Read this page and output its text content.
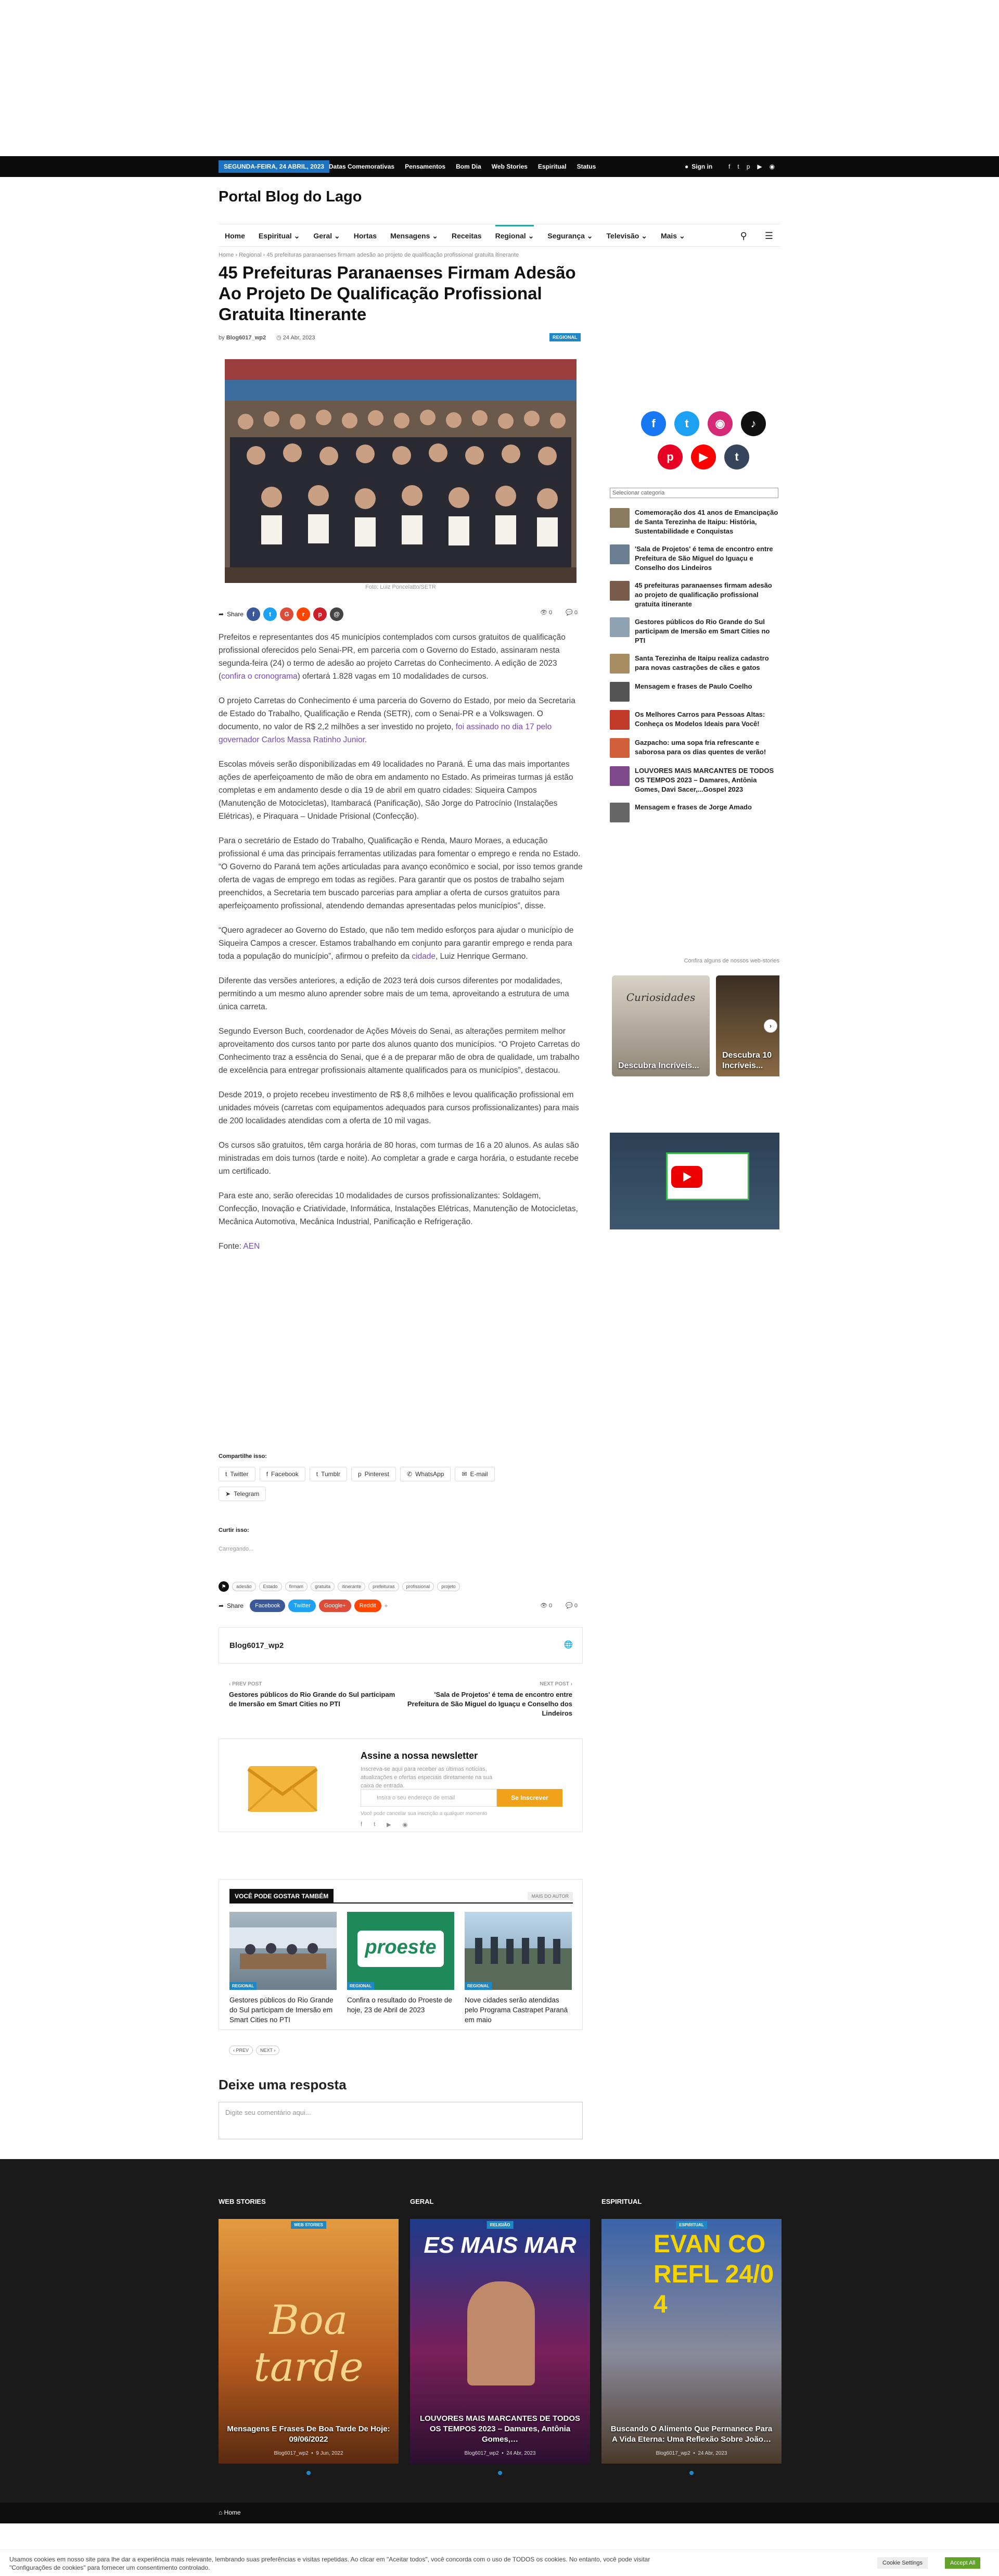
SEGUNDA-FEIRA, 24 ABRIL, 2023 Datas Comemorativas Pensamentos Bom Dia Web Stories Espiritual Status	● Sign in	f t p ▶ ◉
Portal Blog do Lago
Home Espiritual ⌄ Geral ⌄ Hortas Mensagens ⌄ Receitas Regional ⌄ Segurança ⌄ Televisão ⌄ Mais ⌄	⚲ ☰
Home › Regional › 45 prefeituras paranaenses firmam adesão ao projeto de qualificação profissional gratuita itinerante
45 Prefeituras Paranaenses Firmam Adesão Ao Projeto De Qualificação Profissional Gratuita Itinerante
by Blog6017_wp2 ◷ 24 Abr, 2023	REGIONAL
Foto: Luiz Poncelatto/SETR
➦ Share	f	t	G	r	p	@	👁 0 💬 0

Prefeitos e representantes dos 45 municípios contemplados com cursos gratuitos de qualificação profissional oferecidos pelo Senai-PR, em parceria com o Governo do Estado, assinaram nesta segunda-feira (24) o termo de adesão ao projeto Carretas do Conhecimento. A edição de 2023 (confira o cronograma) ofertará 1.828 vagas em 10 modalidades de cursos.

O projeto Carretas do Conhecimento é uma parceria do Governo do Estado, por meio da Secretaria de Estado do Trabalho, Qualificação e Renda (SETR), com o Senai-PR e a Volkswagen. O documento, no valor de R$ 2,2 milhões a ser investido no projeto, foi assinado no dia 17 pelo governador Carlos Massa Ratinho Junior.

Escolas móveis serão disponibilizadas em 49 localidades no Paraná. É uma das mais importantes ações de aperfeiçoamento de mão de obra em andamento no Estado. As primeiras turmas já estão completas e em andamento desde o dia 19 de abril em quatro cidades: Siqueira Campos (Manutenção de Motocicletas), Itambaracá (Panificação), São Jorge do Patrocínio (Instalações Elétricas), e Piraquara – Unidade Prisional (Confecção).

Para o secretário de Estado do Trabalho, Qualificação e Renda, Mauro Moraes, a educação profissional é uma das principais ferramentas utilizadas para fomentar o emprego e renda no Estado. “O Governo do Paraná tem ações articuladas para avanço econômico e social, por isso temos grande oferta de vagas de emprego em todas as regiões. Para garantir que os postos de trabalho sejam preenchidos, a Secretaria tem buscado parcerias para ampliar a oferta de cursos gratuitos para aperfeiçoamento profissional, atendendo demandas apresentadas pelos municípios”, disse.

“Quero agradecer ao Governo do Estado, que não tem medido esforços para ajudar o município de Siqueira Campos a crescer. Estamos trabalhando em conjunto para garantir emprego e renda para toda a população do município”, afirmou o prefeito da cidade, Luiz Henrique Germano.

Diferente das versões anteriores, a edição de 2023 terá dois cursos diferentes por modalidades, permitindo a um mesmo aluno aprender sobre mais de um tema, aproveitando a estrutura de uma única carreta.

Segundo Everson Buch, coordenador de Ações Móveis do Senai, as alterações permitem melhor aproveitamento dos cursos tanto por parte dos alunos quanto dos municípios. “O Projeto Carretas do Conhecimento traz a essência do Senai, que é a de preparar mão de obra de qualidade, um trabalho de excelência para entregar profissionais altamente qualificados para os municípios”, destacou.

Desde 2019, o projeto recebeu investimento de R$ 8,6 milhões e levou qualificação profissional em unidades móveis (carretas com equipamentos adequados para cursos profissionalizantes) para mais de 200 localidades atendidas com a oferta de 10 mil vagas.

Os cursos são gratuitos, têm carga horária de 80 horas, com turmas de 16 a 20 alunos. As aulas são ministradas em dois turnos (tarde e noite). Ao completar a grade e carga horária, o estudante recebe um certificado.

Para este ano, serão oferecidas 10 modalidades de cursos profissionalizantes: Soldagem, Confecção, Inovação e Criatividade, Informática, Instalações Elétricas, Manutenção de Motocicletas, Mecânica Automotiva, Mecânica Industrial, Panificação e Refrigeração.

Fonte: AEN

Compartilhe isso:
t Twitter	f Facebook	t Tumblr	p Pinterest	✆ WhatsApp	✉ E-mail
➤ Telegram
Curtir isso:
Carregando...
⚑	adesão	Estado	firmam	gratuita	itinerante	prefeituras	profissional	projeto
➦ Share	Facebook	Twitter	Google+	Reddit	+	👁 0 💬 0
Blog6017_wp2	🌐
‹ PREV POST
Gestores públicos do Rio Grande do Sul participam de Imersão em Smart Cities no PTI
NEXT POST ›
'Sala de Projetos' é tema de encontro entre Prefeitura de São Miguel do Iguaçu e Conselho dos Lindeiros
Assine a nossa newsletter
Inscreva-se aqui para receber as últimas notícias, atualizações e ofertas especiais diretamente na sua caixa de entrada.
Insira o seu endereço de email	Se Inscrever
Você pode cancelar sua inscrição a qualquer momento
f t ▶ ◉
VOCÊ PODE GOSTAR TAMBÉM	MAIS DO AUTOR
REGIONAL
Gestores públicos do Rio Grande do Sul participam de Imersão em Smart Cities no PTI
proeste
REGIONAL
Confira o resultado do Proeste de hoje, 23 de Abril de 2023
REGIONAL
Nove cidades serão atendidas pelo Programa Castrapet Paraná em maio
‹ PREV	NEXT ›
Deixe uma resposta
Digite seu comentário aqui...
f	t	◉	♪
p	▶	t
Selecionar categoria
Comemoração dos 41 anos de Emancipação de Santa Terezinha de Itaipu: História, Sustentabilidade e Conquistas
'Sala de Projetos' é tema de encontro entre Prefeitura de São Miguel do Iguaçu e Conselho dos Lindeiros
45 prefeituras paranaenses firmam adesão ao projeto de qualificação profissional gratuita itinerante
Gestores públicos do Rio Grande do Sul participam de Imersão em Smart Cities no PTI
Santa Terezinha de Itaipu realiza cadastro para novas castrações de cães e gatos
Mensagem e frases de Paulo Coelho
Os Melhores Carros para Pessoas Altas: Conheça os Modelos Ideais para Você!
Gazpacho: uma sopa fria refrescante e saborosa para os dias quentes de verão!
LOUVORES MAIS MARCANTES DE TODOS OS TEMPOS 2023 – Damares, Antônia Gomes, Davi Sacer,...Gospel 2023
Mensagem e frases de Jorge Amado
Confira alguns de nossos web-stories
Curiosidades
Descubra Incríveis...
Descubra 10 Incríveis...
›
WEB STORIES
WEB STORIES
Boa tarde
Mensagens E Frases De Boa Tarde De Hoje: 09/06/2022
Blog6017_wp2  •  9 Jun, 2022
GERAL
RELIGIÃO
ES MAIS MAR
LOUVORES MAIS MARCANTES DE TODOS OS TEMPOS 2023 – Damares, Antônia Gomes,…
Blog6017_wp2  •  24 Abr, 2023
ESPIRITUAL
ESPIRITUAL
EVAN CO REFL 24/04
Buscando O Alimento Que Permanece Para A Vida Eterna: Uma Reflexão Sobre João…
Blog6017_wp2  •  24 Abr, 2023
⌂ Home
Usamos cookies em nosso site para lhe dar a experiência mais relevante, lembrando suas preferências e visitas repetidas. Ao clicar em "Aceitar todos", você concorda com o uso de TODOS os cookies. No entanto, você pode visitar "Configurações de cookies" para fornecer um consentimento controlado.
Cookie Settings	Accept All
